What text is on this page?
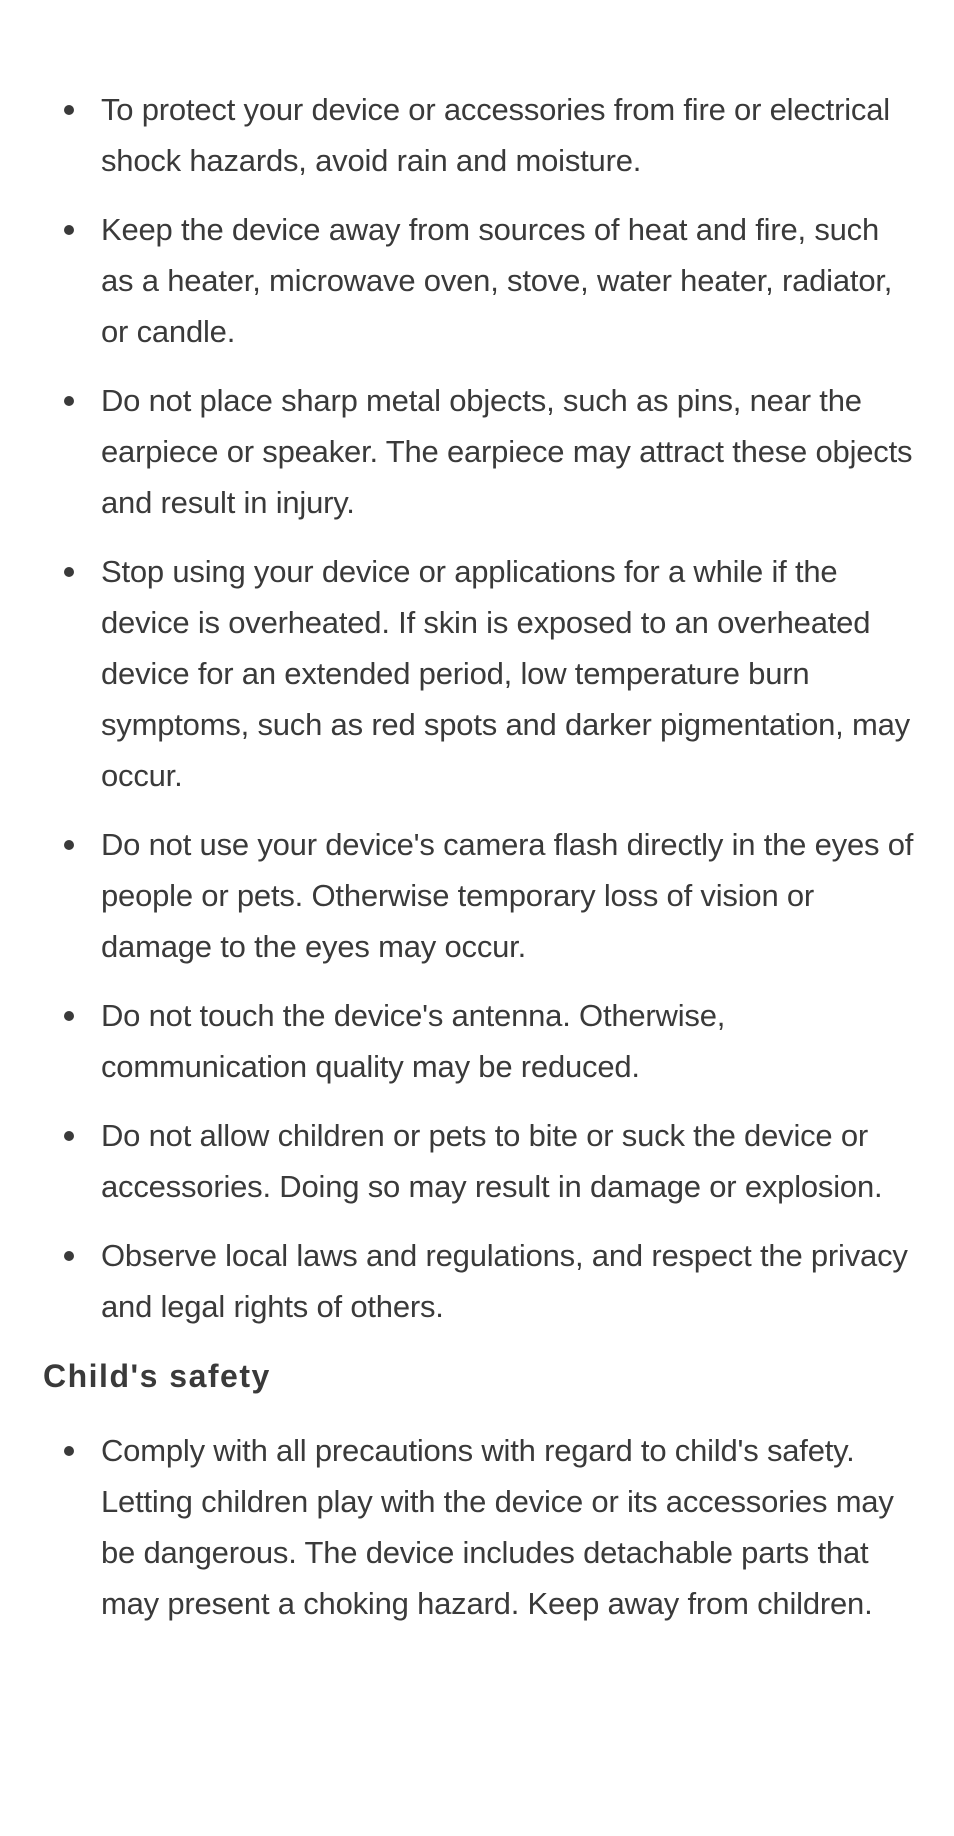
To protect your device or accessories from fire or electrical shock hazards, avoid rain and moisture.
Keep the device away from sources of heat and fire, such as a heater, microwave oven, stove, water heater, radiator, or candle.
Do not place sharp metal objects, such as pins, near the earpiece or speaker. The earpiece may attract these objects and result in injury.
Stop using your device or applications for a while if the device is overheated. If skin is exposed to an overheated device for an extended period, low temperature burn symptoms, such as red spots and darker pigmentation, may occur.
Do not use your device's camera flash directly in the eyes of people or pets. Otherwise temporary loss of vision or damage to the eyes may occur.
Do not touch the device's antenna. Otherwise, communication quality may be reduced.
Do not allow children or pets to bite or suck the device or accessories. Doing so may result in damage or explosion.
Observe local laws and regulations, and respect the privacy and legal rights of others.
Child's safety
Comply with all precautions with regard to child's safety. Letting children play with the device or its accessories may be dangerous. The device includes detachable parts that may present a choking hazard. Keep away from children.
